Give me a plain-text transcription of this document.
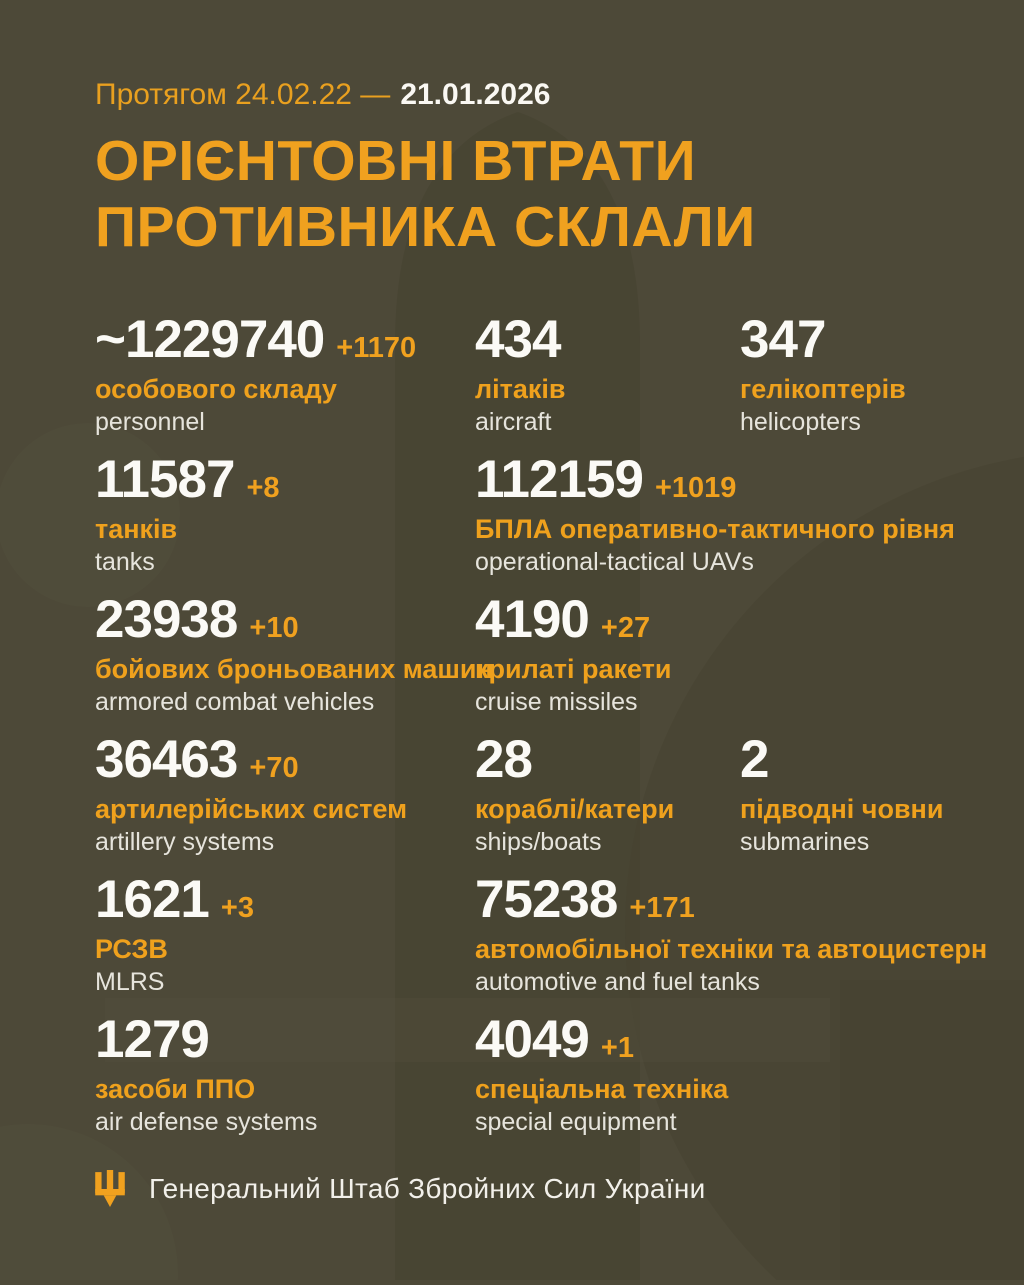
Протягом 24.02.22 — 21.01.2026
ОРІЄНТОВНІ ВТРАТИ
ПРОТИВНИКА СКЛАЛИ
~1229740 +1170
особового складу
personnel
434
літаків
aircraft
347
гелікоптерів
helicopters
11587 +8
танків
tanks
112159 +1019
БПЛА оперативно-тактичного рівня
operational-tactical UAVs
23938 +10
бойових броньованих машин
armored combat vehicles
4190 +27
крилаті ракети
cruise missiles
36463 +70
артилерійських систем
artillery systems
28
кораблі/катери
ships/boats
2
підводні човни
submarines
1621 +3
РСЗВ
MLRS
75238 +171
автомобільної техніки та автоцистерн
automotive and fuel tanks
1279
засоби ППО
air defense systems
4049 +1
спеціальна техніка
special equipment
Генеральний Штаб Збройних Сил України
